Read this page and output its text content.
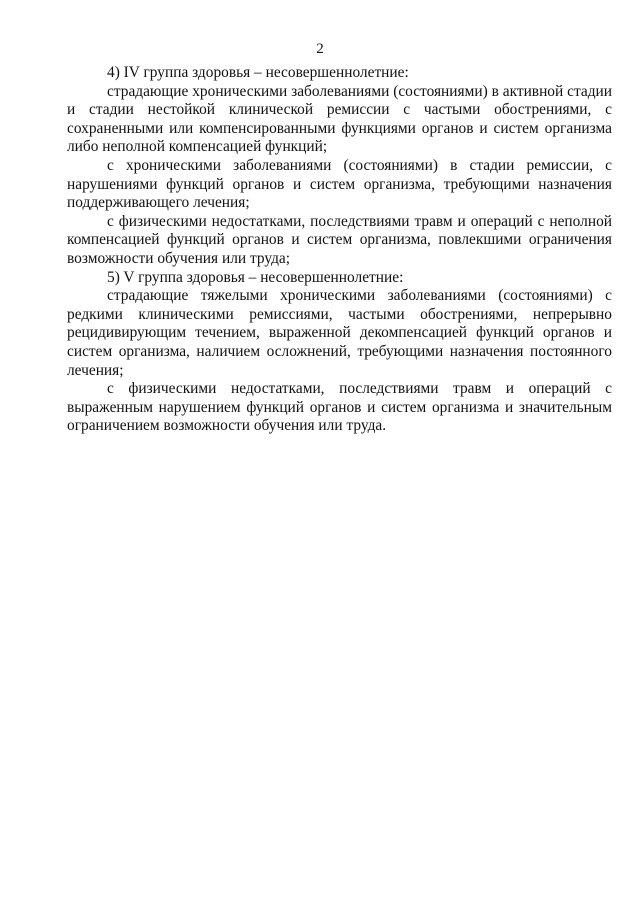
2

4) IV группа здоровья – несовершеннолетние:

страдающие хроническими заболеваниями (состояниями) в активной стадии и стадии нестойкой клинической ремиссии с частыми обострениями, с сохраненными или компенсированными функциями органов и систем организма либо неполной компенсацией функций;

с хроническими заболеваниями (состояниями) в стадии ремиссии, с нарушениями функций органов и систем организма, требующими назначения поддерживающего лечения;

с физическими недостатками, последствиями травм и операций с неполной компенсацией функций органов и систем организма, повлекшими ограничения возможности обучения или труда;

5) V группа здоровья – несовершеннолетние:

страдающие тяжелыми хроническими заболеваниями (состояниями) с редкими клиническими ремиссиями, частыми обострениями, непрерывно рецидивирующим течением, выраженной декомпенсацией функций органов и систем организма, наличием осложнений, требующими назначения постоянного лечения;

с физическими недостатками, последствиями травм и операций с выраженным нарушением функций органов и систем организма и значительным ограничением возможности обучения или труда.
